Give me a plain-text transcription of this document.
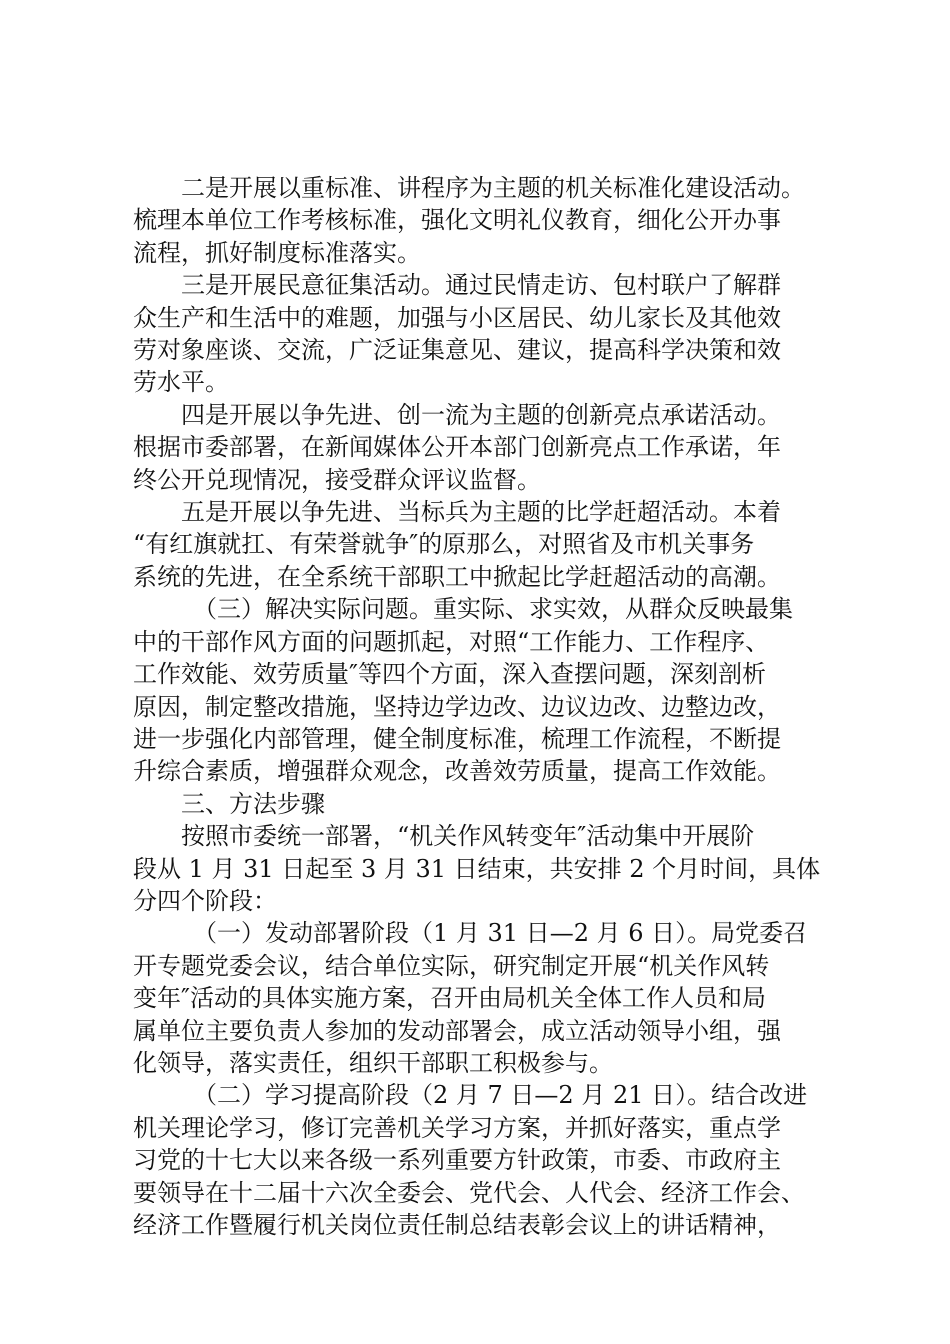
二是开展以重标准、讲程序为主题的机关标准化建设活动。
梳理本单位工作考核标准，强化文明礼仪教育，细化公开办事
流程，抓好制度标准落实。
三是开展民意征集活动。通过民情走访、包村联户了解群
众生产和生活中的难题，加强与小区居民、幼儿家长及其他效
劳对象座谈、交流，广泛证集意见、建议，提高科学决策和效
劳水平。
四是开展以争先进、创一流为主题的创新亮点承诺活动。
根据市委部署，在新闻媒体公开本部门创新亮点工作承诺，年
终公开兑现情况，接受群众评议监督。
五是开展以争先进、当标兵为主题的比学赶超活动。本着
“有红旗就扛、有荣誉就争″的原那么，对照省及市机关事务
系统的先进，在全系统干部职工中掀起比学赶超活动的高潮。
（三）解决实际问题。重实际、求实效，从群众反映最集
中的干部作风方面的问题抓起，对照“工作能力、工作程序、
工作效能、效劳质量″等四个方面，深入查摆问题，深刻剖析
原因，制定整改措施，坚持边学边改、边议边改、边整边改，
进一步强化内部管理，健全制度标准，梳理工作流程，不断提
升综合素质，增强群众观念，改善效劳质量，提高工作效能。
三、方法步骤
按照市委统一部署，“机关作风转变年″活动集中开展阶
段从 1 月 31 日起至 3 月 31 日结束，共安排 2 个月时间，具体
分四个阶段：
（一）发动部署阶段（1 月 31 日—2 月 6 日）。局党委召
开专题党委会议，结合单位实际，研究制定开展“机关作风转
变年″活动的具体实施方案，召开由局机关全体工作人员和局
属单位主要负责人参加的发动部署会，成立活动领导小组，强
化领导，落实责任，组织干部职工积极参与。
（二）学习提高阶段（2 月 7 日—2 月 21 日）。结合改进
机关理论学习，修订完善机关学习方案，并抓好落实，重点学
习党的十七大以来各级一系列重要方针政策，市委、市政府主
要领导在十二届十六次全委会、党代会、人代会、经济工作会、
经济工作暨履行机关岗位责任制总结表彰会议上的讲话精神，
